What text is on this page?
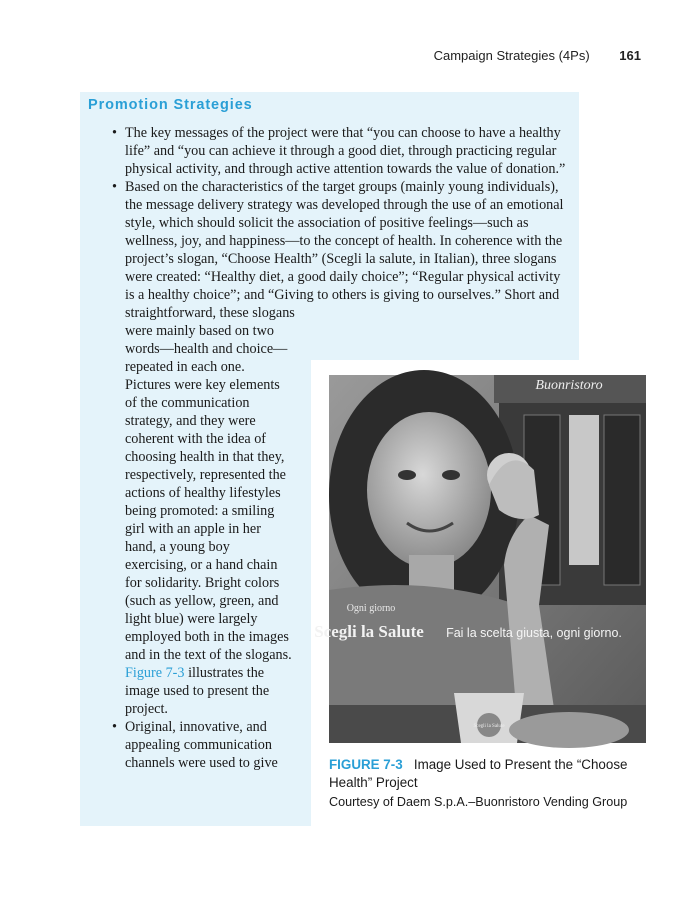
Campaign Strategies (4Ps) 161
Promotion Strategies
• The key messages of the project were that “you can choose to have a healthy life” and “you can achieve it through a good diet, through practicing regular physical activity, and through active attention towards the value of donation.”
• Based on the characteristics of the target groups (mainly young individuals), the message delivery strategy was developed through the use of an emotional style, which should solicit the association of positive feelings—such as wellness, joy, and happiness—to the concept of health. In coherence with the project’s slogan, “Choose Health” (Scegli la salute, in Italian), three slogans were created: “Healthy diet, a good daily choice”; “Regular physical activity is a healthy choice”; and “Giving to others is giving to ourselves.” Short and straightforward, these slogans
were mainly based on two words—health and choice—repeated in each one. Pictures were key elements of the communication strategy, and they were coherent with the idea of choosing health in that they, respectively, represented the actions of healthy lifestyles being promoted: a smiling girl with an apple in her hand, a young boy exercising, or a hand chain for solidarity. Bright colors (such as yellow, green, and light blue) were largely employed both in the images and in the text of the slogans. Figure 7-3 illustrates the image used to present the project.
• Original, innovative, and appealing communication channels were used to give
Buonristoro
Ogni giorno
Scegli la Salute Fai la scelta giusta, ogni giorno.
Scegli la Salute
FIGURE 7-3 Image Used to Present the “Choose Health” Project
Courtesy of Daem S.p.A.–Buonristoro Vending Group
